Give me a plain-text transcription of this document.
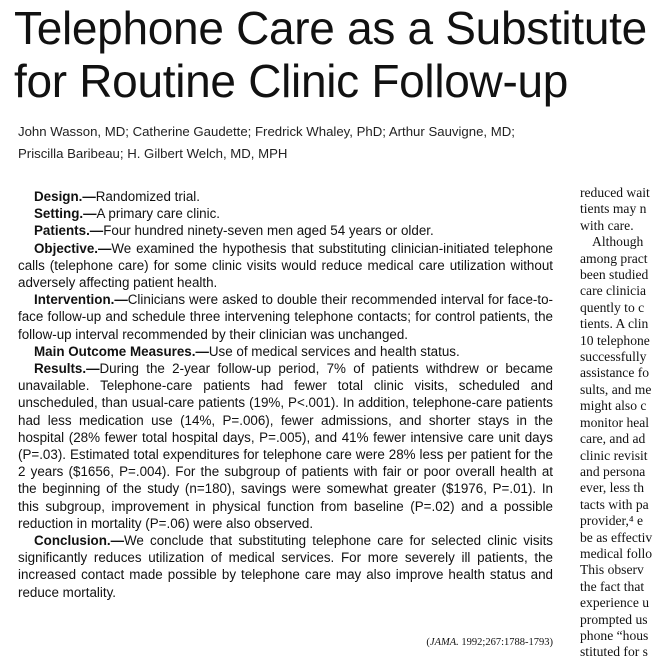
Telephone Care as a Substitute
for Routine Clinic Follow-up
John Wasson, MD; Catherine Gaudette; Fredrick Whaley, PhD; Arthur Sauvigne, MD;
Priscilla Baribeau; H. Gilbert Welch, MD, MPH

Design.—Randomized trial.

Setting.—A primary care clinic.

Patients.—Four hundred ninety-seven men aged 54 years or older.

Objective.—We examined the hypothesis that substituting clinician-initiated telephone calls (telephone care) for some clinic visits would reduce medical care utilization without adversely affecting patient health.

Intervention.—Clinicians were asked to double their recommended interval for face-to-face follow-up and schedule three intervening telephone contacts; for control patients, the follow-up interval recommended by their clinician was unchanged.

Main Outcome Measures.—Use of medical services and health status.

Results.—During the 2-year follow-up period, 7% of patients withdrew or became unavailable. Telephone-care patients had fewer total clinic visits, scheduled and unscheduled, than usual-care patients (19%, P<.001). In addition, telephone-care patients had less medication use (14%, P=.006), fewer admissions, and shorter stays in the hospital (28% fewer total hospital days, P=.005), and 41% fewer intensive care unit days (P=.03). Estimated total expenditures for telephone care were 28% less per patient for the 2 years ($1656, P=.004). For the subgroup of patients with fair or poor overall health at the beginning of the study (n=180), savings were somewhat greater ($1976, P=.01). In this subgroup, improvement in physical function from baseline (P=.02) and a possible reduction in mortality (P=.06) were also observed.

Conclusion.—We conclude that substituting telephone care for selected clinic visits significantly reduces utilization of medical services. For more severely ill patients, the increased contact made possible by telephone care may also improve health status and reduce mortality.

(JAMA. 1992;267:1788-1793)
reduced wait
tients may n
with care.
Although
among pract
been studied
care clinicia
quently to c
tients. A clin
10 telephone
successfully
assistance fo
sults, and me
might also c
monitor heal
care, and ad
clinic revisit
and persona
ever, less th
tacts with pa
provider,⁴ e
be as effectiv
medical follo
This observ
the fact that
experience u
prompted us
phone “hous
stituted for s
